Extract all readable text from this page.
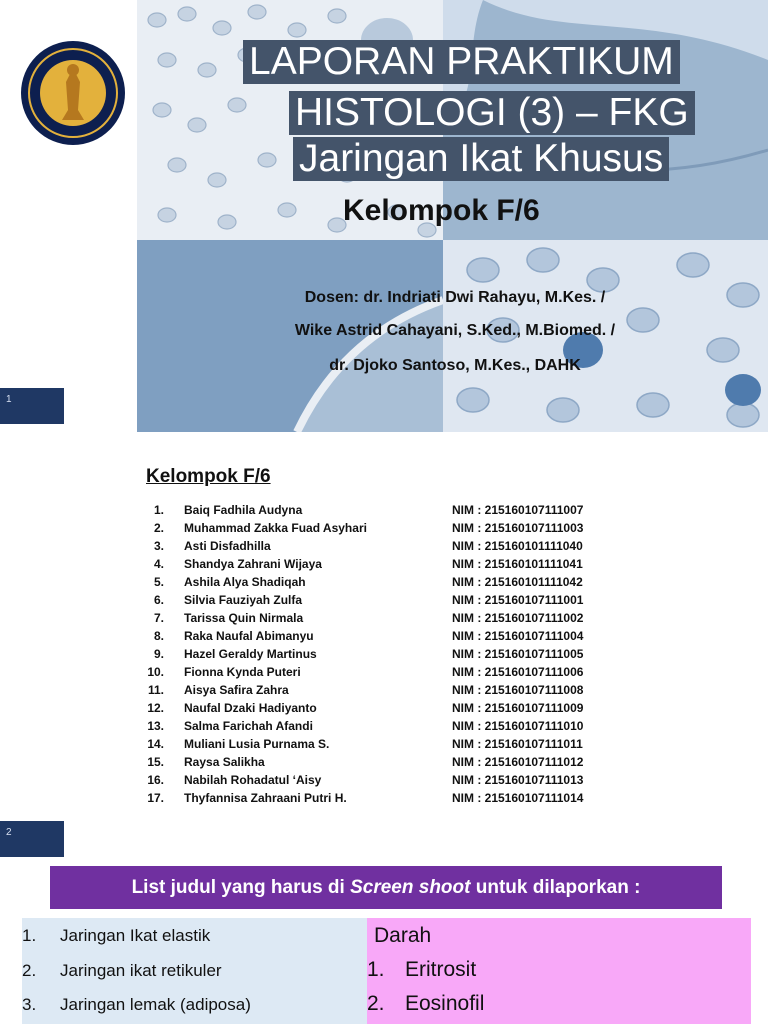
LAPORAN PRAKTIKUM
HISTOLOGI (3) – FKG
Jaringan Ikat Khusus
Kelompok F/6
Dosen: dr. Indriati Dwi Rahayu, M.Kes. /
Wike Astrid Cahayani, S.Ked., M.Biomed. /
dr. Djoko Santoso, M.Kes., DAHK
1
Kelompok F/6
1. Baiq Fadhila Audyna	NIM : 215160107111007
2. Muhammad Zakka Fuad Asyhari	NIM : 215160107111003
3. Asti Disfadhilla	NIM : 215160101111040
4. Shandya Zahrani Wijaya	NIM : 215160101111041
5. Ashila Alya Shadiqah	NIM : 215160101111042
6. Silvia Fauziyah Zulfa	NIM : 215160107111001
7. Tarissa Quin Nirmala	NIM : 215160107111002
8. Raka Naufal Abimanyu	NIM : 215160107111004
9. Hazel Geraldy Martinus	NIM : 215160107111005
10. Fionna Kynda Puteri	NIM : 215160107111006
11. Aisya Safira Zahra	NIM : 215160107111008
12. Naufal Dzaki Hadiyanto	NIM : 215160107111009
13. Salma Farichah Afandi	NIM : 215160107111010
14. Muliani Lusia Purnama S.	NIM : 215160107111011
15. Raysa Salikha	NIM : 215160107111012
16. Nabilah Rohadatul ‘Aisy	NIM : 215160107111013
17. Thyfannisa Zahraani Putri H.	NIM : 215160107111014
2
List judul yang harus di Screen shoot untuk dilaporkan :
1. Jaringan Ikat elastik
2. Jaringan ikat retikuler
3. Jaringan lemak (adiposa)
Darah
1. Eritrosit
2. Eosinofil
